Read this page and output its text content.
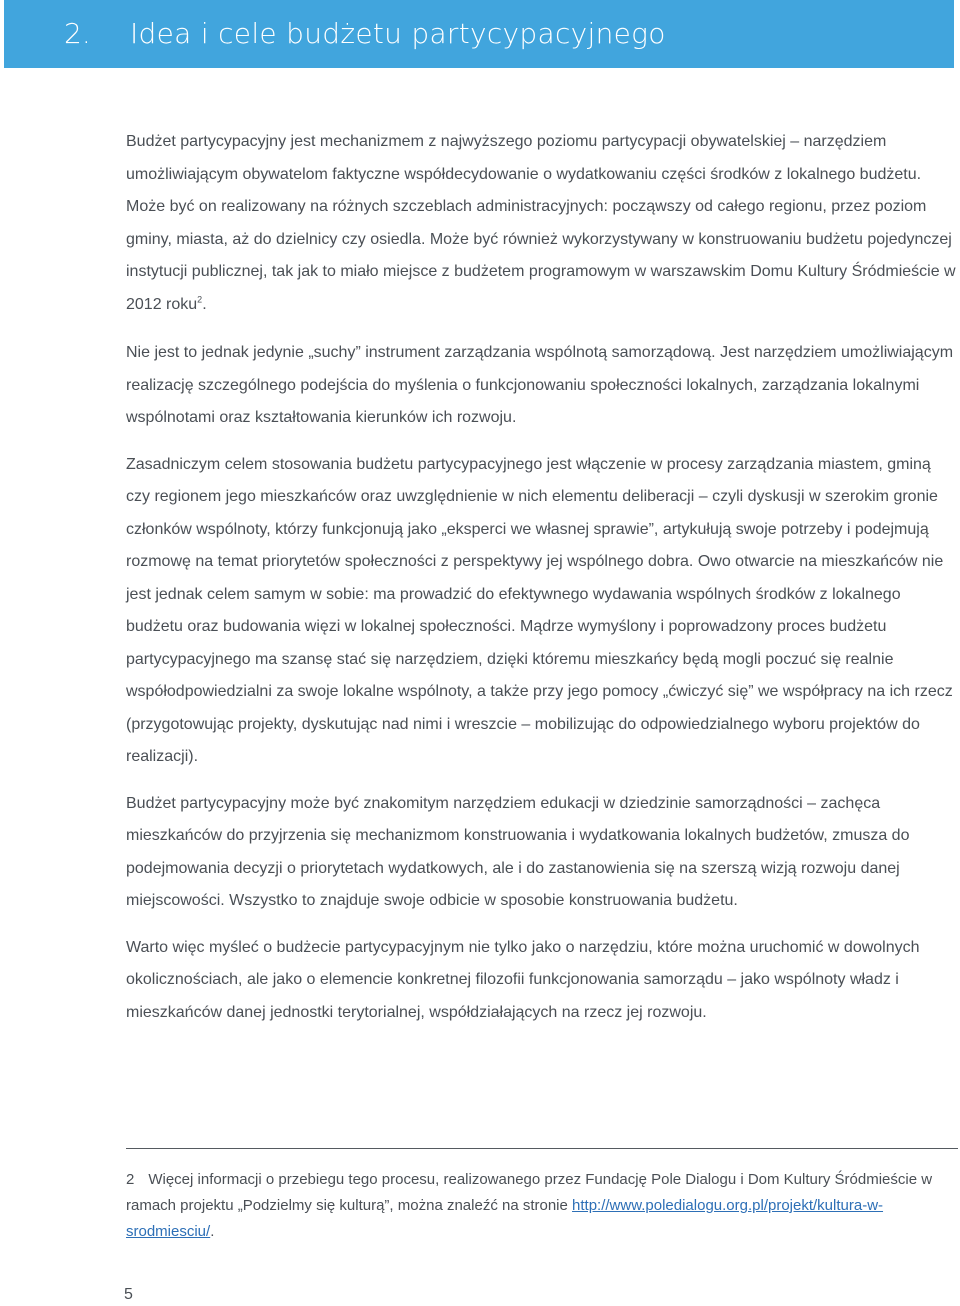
2. Idea i cele budżetu partycypacyjnego

Budżet partycypacyjny jest mechanizmem z najwyższego poziomu partycypacji obywatelskiej – narzędziem umożliwiającym obywatelom faktyczne współdecydowanie o wydatkowaniu części środków z lokalnego budżetu. Może być on realizowany na różnych szczeblach administracyjnych: począwszy od całego regionu, przez poziom gminy, miasta, aż do dzielnicy czy osiedla. Może być również wykorzystywany w konstruowaniu budżetu pojedynczej instytucji publicznej, tak jak to miało miejsce z budżetem programowym w warszawskim Domu Kultury Śródmieście w 2012 roku$^2$.

Nie jest to jednak jedynie „suchy” instrument zarządzania wspólnotą samorządową. Jest narzędziem umożliwiającym realizację szczególnego podejścia do myślenia o funkcjonowaniu społeczności lokalnych, zarządzania lokalnymi wspólnotami oraz kształtowania kierunków ich rozwoju.

Zasadniczym celem stosowania budżetu partycypacyjnego jest włączenie w procesy zarządzania miastem, gminą czy regionem jego mieszkańców oraz uwzględnienie w nich elementu deliberacji – czyli dyskusji w szerokim gronie członków wspólnoty, którzy funkcjonują jako „eksperci we własnej sprawie”, artykułują swoje potrzeby i podejmują rozmowę na temat priorytetów społeczności z perspektywy jej wspólnego dobra. Owo otwarcie na mieszkańców nie jest jednak celem samym w sobie: ma prowadzić do efektywnego wydawania wspólnych środków z lokalnego budżetu oraz budowania więzi w lokalnej społeczności. Mądrze wymyślony i poprowadzony proces budżetu partycypacyjnego ma szansę stać się narzędziem, dzięki któremu mieszkańcy będą mogli poczuć się realnie współodpowiedzialni za swoje lokalne wspólnoty, a także przy jego pomocy „ćwiczyć się” we współpracy na ich rzecz (przygotowując projekty, dyskutując nad nimi i wreszcie – mobilizując do odpowiedzialnego wyboru projektów do realizacji).

Budżet partycypacyjny może być znakomitym narzędziem edukacji w dziedzinie samorządności – zachęca mieszkańców do przyjrzenia się mechanizmom konstruowania i wydatkowania lokalnych budżetów, zmusza do podejmowania decyzji o priorytetach wydatkowych, ale i do zastanowienia się na szerszą wizją rozwoju danej miejscowości. Wszystko to znajduje swoje odbicie w sposobie konstruowania budżetu.

Warto więc myśleć o budżecie partycypacyjnym nie tylko jako o narzędziu, które można uruchomić w dowolnych okolicznościach, ale jako o elemencie konkretnej filozofii funkcjonowania samorządu – jako wspólnoty władz i mieszkańców danej jednostki terytorialnej, współdziałających na rzecz jej rozwoju.

2 Więcej informacji o przebiegu tego procesu, realizowanego przez Fundację Pole Dialogu i Dom Kultury Śródmieście w ramach projektu „Podzielmy się kulturą”, można znaleźć na stronie http://www.poledialogu.org.pl/projekt/kultura-w-srodmiesciu/.
5
